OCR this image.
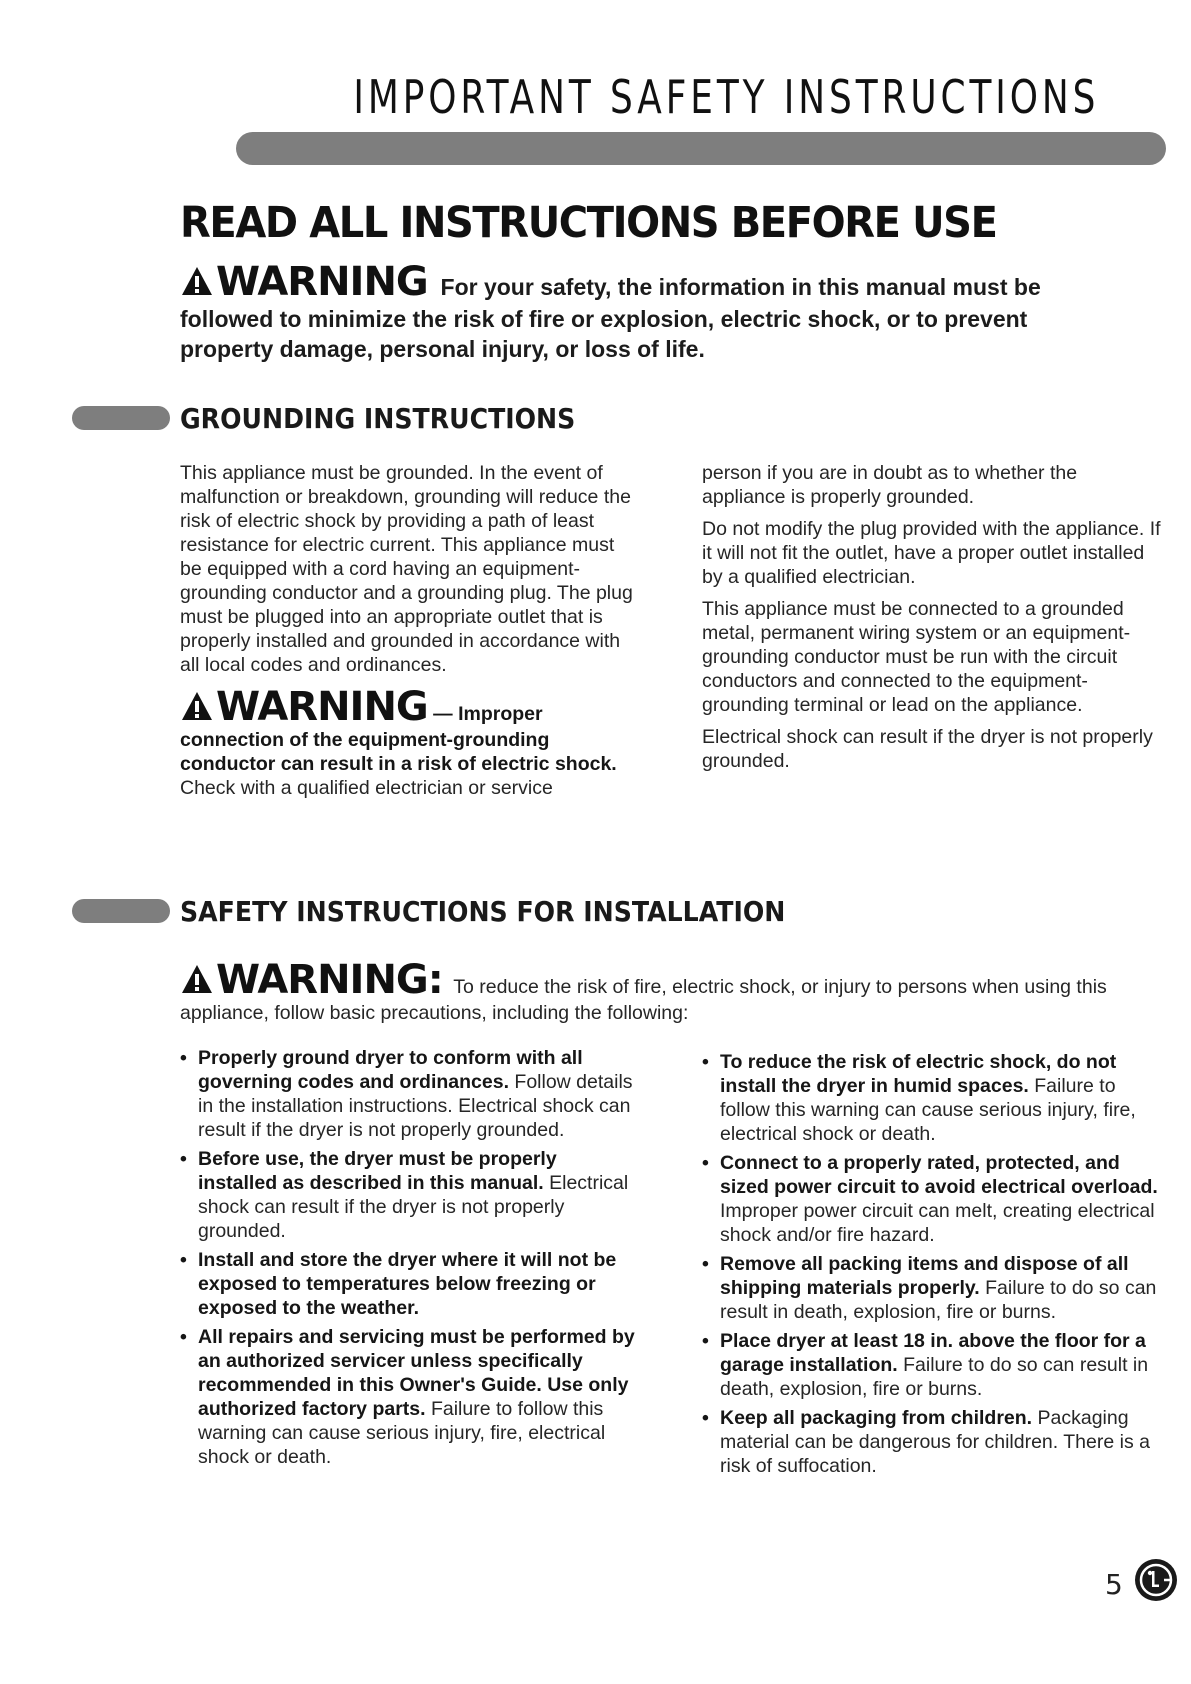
IMPORTANT SAFETY INSTRUCTIONS
READ ALL INSTRUCTIONS BEFORE USE
WARNING For your safety, the information in this manual must be followed to minimize the risk of fire or explosion, electric shock, or to prevent property damage, personal injury, or loss of life.
GROUNDING INSTRUCTIONS

This appliance must be grounded. In the event of malfunction or breakdown, grounding will reduce the risk of electric shock by providing a path of least resistance for electric current. This appliance must be equipped with a cord having an equipment-grounding conductor and a grounding plug. The plug must be plugged into an appropriate outlet that is properly installed and grounded in accordance with all local codes and ordinances.

WARNING — Improper connection of the equipment-grounding conductor can result in a risk of electric shock. Check with a qualified electrician or service

person if you are in doubt as to whether the appliance is properly grounded.

Do not modify the plug provided with the appliance. If it will not fit the outlet, have a proper outlet installed by a qualified electrician.

This appliance must be connected to a grounded metal, permanent wiring system or an equipment-grounding conductor must be run with the circuit conductors and connected to the equipment-grounding terminal or lead on the appliance.

Electrical shock can result if the dryer is not properly grounded.

SAFETY INSTRUCTIONS FOR INSTALLATION
WARNING: To reduce the risk of fire, electric shock, or injury to persons when using this appliance, follow basic precautions, including the following:
• Properly ground dryer to conform with all governing codes and ordinances. Follow details in the installation instructions. Electrical shock can result if the dryer is not properly grounded.
• Before use, the dryer must be properly installed as described in this manual. Electrical shock can result if the dryer is not properly grounded.
• Install and store the dryer where it will not be exposed to temperatures below freezing or exposed to the weather.
• All repairs and servicing must be performed by an authorized servicer unless specifically recommended in this Owner's Guide. Use only authorized factory parts. Failure to follow this warning can cause serious injury, fire, electrical shock or death.
• To reduce the risk of electric shock, do not install the dryer in humid spaces. Failure to follow this warning can cause serious injury, fire, electrical shock or death.
• Connect to a properly rated, protected, and sized power circuit to avoid electrical overload. Improper power circuit can melt, creating electrical shock and/or fire hazard.
• Remove all packing items and dispose of all shipping materials properly. Failure to do so can result in death, explosion, fire or burns.
• Place dryer at least 18 in. above the floor for a garage installation. Failure to do so can result in death, explosion, fire or burns.
• Keep all packaging from children. Packaging material can be dangerous for children. There is a risk of suffocation.
5
